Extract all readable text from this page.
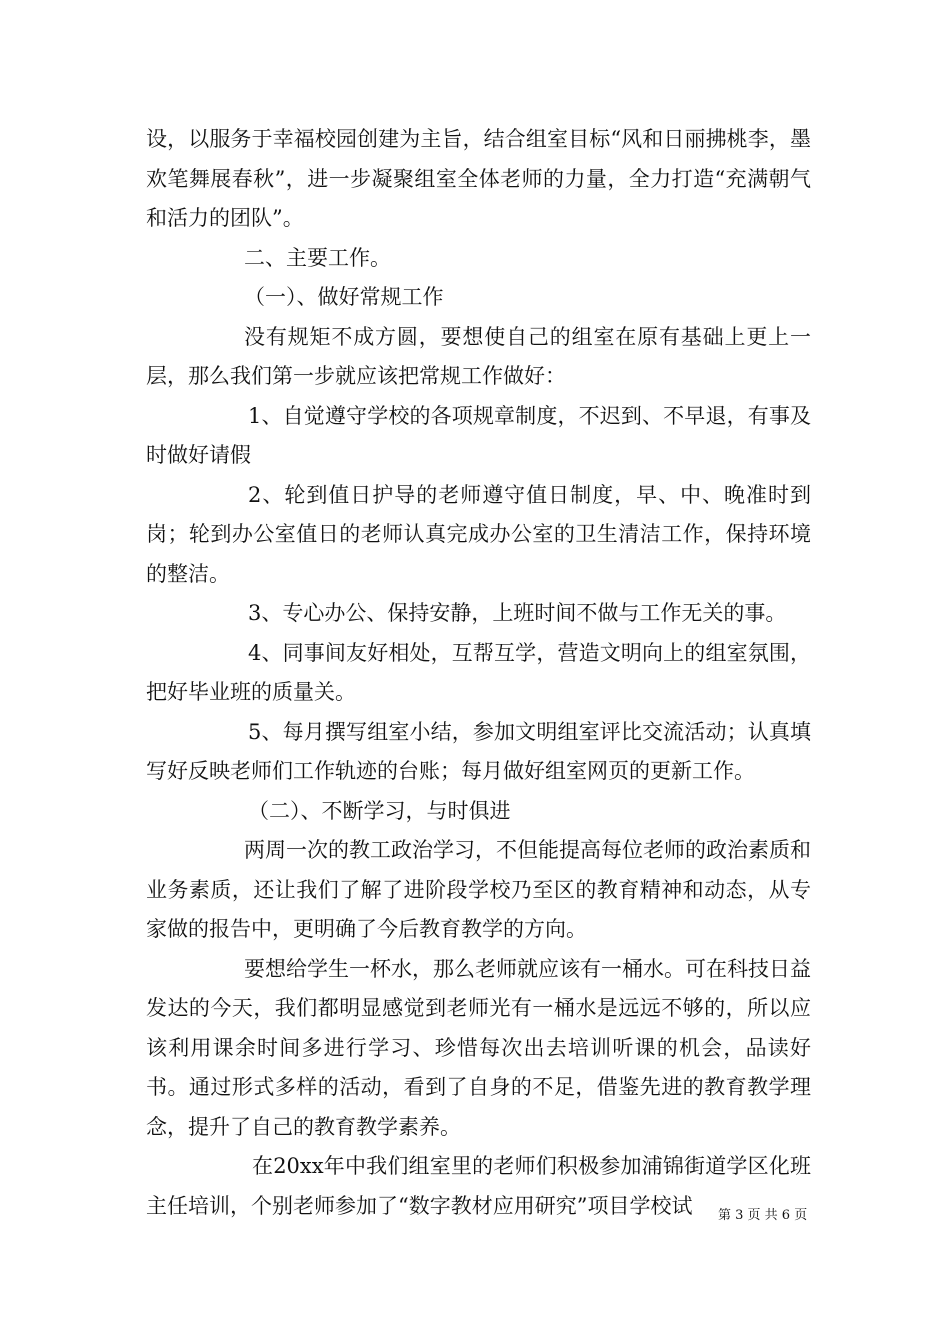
设，以服务于幸福校园创建为主旨，结合组室目标“风和日丽拂桃李，墨欢笔舞展春秋”，进一步凝聚组室全体老师的力量，全力打造“充满朝气和活力的团队”。

二、主要工作。

（一）、做好常规工作

没有规矩不成方圆，要想使自己的组室在原有基础上更上一层，那么我们第一步就应该把常规工作做好：

1、自觉遵守学校的各项规章制度，不迟到、不早退，有事及时做好请假

2、轮到值日护导的老师遵守值日制度，早、中、晚准时到岗；轮到办公室值日的老师认真完成办公室的卫生清洁工作，保持环境的整洁。

3、专心办公、保持安静，上班时间不做与工作无关的事。

4、同事间友好相处，互帮互学，营造文明向上的组室氛围，把好毕业班的质量关。

5、每月撰写组室小结，参加文明组室评比交流活动；认真填写好反映老师们工作轨迹的台账；每月做好组室网页的更新工作。

（二）、不断学习，与时俱进

两周一次的教工政治学习，不但能提高每位老师的政治素质和业务素质，还让我们了解了进阶段学校乃至区的教育精神和动态，从专家做的报告中，更明确了今后教育教学的方向。

要想给学生一杯水，那么老师就应该有一桶水。可在科技日益发达的今天，我们都明显感觉到老师光有一桶水是远远不够的，所以应该利用课余时间多进行学习、珍惜每次出去培训听课的机会，品读好书。通过形式多样的活动，看到了自身的不足，借鉴先进的教育教学理念，提升了自己的教育教学素养。

在20xx年中我们组室里的老师们积极参加浦锦街道学区化班主任培训，个别老师参加了“数字教材应用研究”项目学校试	第 3 页 共 6 页
